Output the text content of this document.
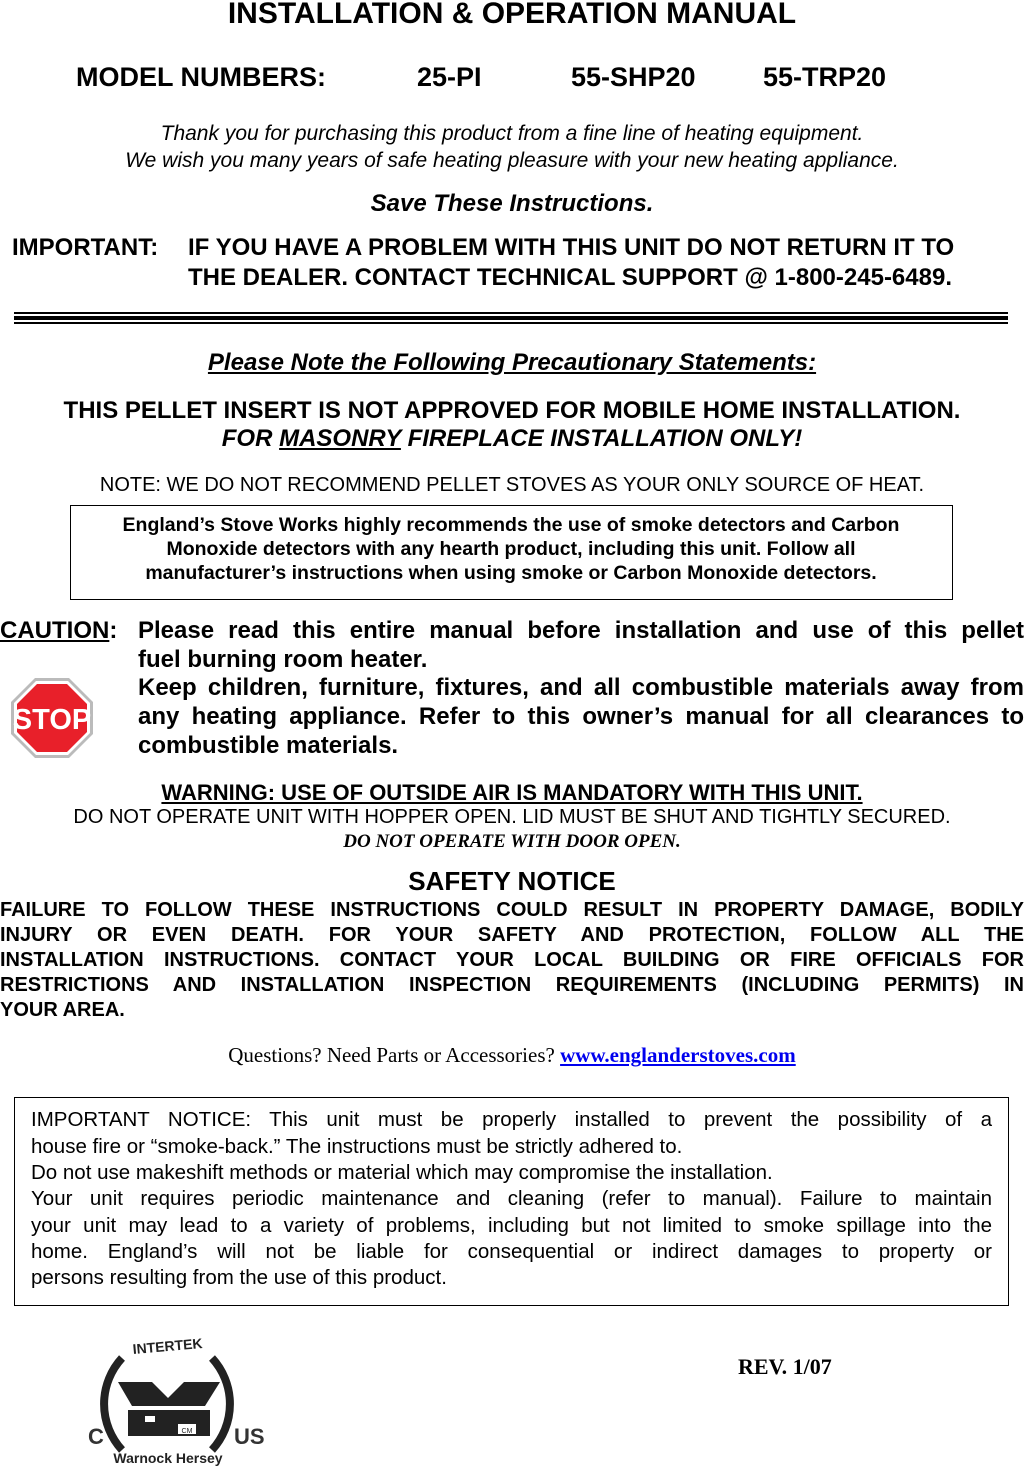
INSTALLATION & OPERATION MANUAL
MODEL NUMBERS:	25-PI	55-SHP20 55-TRP20
Thank you for purchasing this product from a fine line of heating equipment.
We wish you many years of safe heating pleasure with your new heating appliance.
Save These Instructions.
IMPORTANT: IF YOU HAVE A PROBLEM WITH THIS UNIT DO NOT RETURN IT TO
THE DEALER. CONTACT TECHNICAL SUPPORT @ 1-800-245-6489.
Please Note the Following Precautionary Statements:
THIS PELLET INSERT IS NOT APPROVED FOR MOBILE HOME INSTALLATION.
FOR MASONRY FIREPLACE INSTALLATION ONLY!
NOTE: WE DO NOT RECOMMEND PELLET STOVES AS YOUR ONLY SOURCE OF HEAT.
England’s Stove Works highly recommends the use of smoke detectors and Carbon
Monoxide detectors with any hearth product, including this unit. Follow all
manufacturer’s instructions when using smoke or Carbon Monoxide detectors.
CAUTION: Please read this entire manual before installation and use of this pellet
fuel burning room heater.
Keep children, furniture, fixtures, and all combustible materials away from
any heating appliance. Refer to this owner’s manual for all clearances to
combustible materials.
STOP
WARNING: USE OF OUTSIDE AIR IS MANDATORY WITH THIS UNIT.
DO NOT OPERATE UNIT WITH HOPPER OPEN. LID MUST BE SHUT AND TIGHTLY SECURED.
DO NOT OPERATE WITH DOOR OPEN.
SAFETY NOTICE
FAILURE TO FOLLOW THESE INSTRUCTIONS COULD RESULT IN PROPERTY DAMAGE, BODILY
INJURY OR EVEN DEATH. FOR YOUR SAFETY AND PROTECTION, FOLLOW ALL THE
INSTALLATION INSTRUCTIONS. CONTACT YOUR LOCAL BUILDING OR FIRE OFFICIALS FOR
RESTRICTIONS AND INSTALLATION INSPECTION REQUIREMENTS (INCLUDING PERMITS) IN
YOUR AREA.
Questions? Need Parts or Accessories? www.englanderstoves.com
IMPORTANT NOTICE: This unit must be properly installed to prevent the possibility of a
house fire or “smoke-back.” The instructions must be strictly adhered to.
Do not use makeshift methods or material which may compromise the installation.
Your unit requires periodic maintenance and cleaning (refer to manual). Failure to maintain
your unit may lead to a variety of problems, including but not limited to smoke spillage into the
home. England’s will not be liable for consequential or indirect damages to property or
persons resulting from the use of this product.
INTERTEK
Warnock Hersey
CM
C	US
REV. 1/07
